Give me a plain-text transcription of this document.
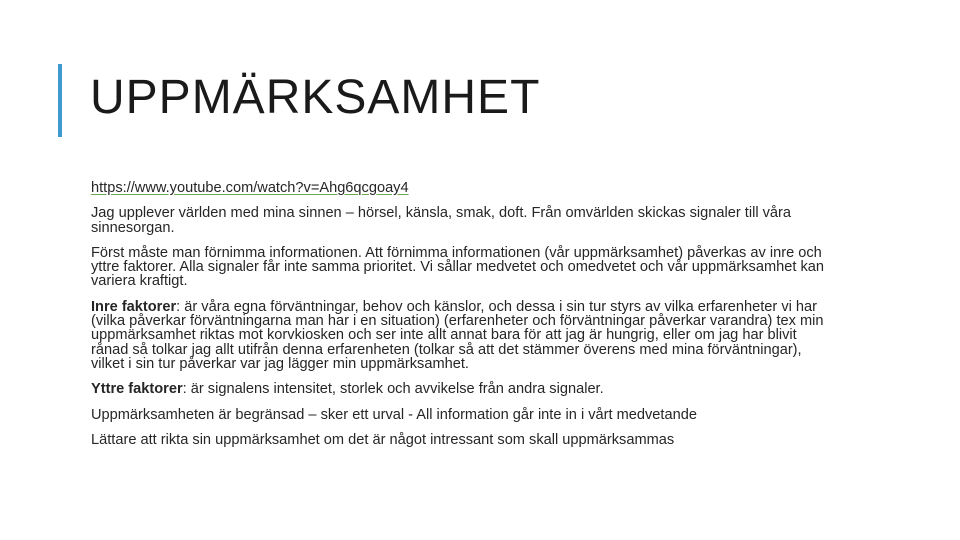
UPPMÄRKSAMHET

https://www.youtube.com/watch?v=Ahg6qcgoay4

Jag upplever världen med mina sinnen – hörsel, känsla, smak, doft. Från omvärlden skickas signaler till våra sinnesorgan.

Först måste man förnimma informationen. Att förnimma informationen (vår uppmärksamhet) påverkas av inre och yttre faktorer. Alla signaler får inte samma prioritet. Vi sållar medvetet och omedvetet och vår uppmärksamhet kan variera kraftigt.

Inre faktorer: är våra egna förväntningar, behov och känslor, och dessa i sin tur styrs av vilka erfarenheter vi har (vilka påverkar förväntningarna man har i en situation) (erfarenheter och förväntningar påverkar varandra) tex min uppmärksamhet riktas mot korvkiosken och ser inte allt annat bara för att jag är hungrig, eller om jag har blivit rånad så tolkar jag allt utifrån denna erfarenheten (tolkar så att det stämmer överens med mina förväntningar), vilket i sin tur påverkar var jag lägger min uppmärksamhet.

Yttre faktorer: är signalens intensitet, storlek och avvikelse från andra signaler.

Uppmärksamheten är begränsad – sker ett urval - All information går inte in i vårt medvetande

Lättare att rikta sin uppmärksamhet om det är något intressant som skall uppmärksammas
